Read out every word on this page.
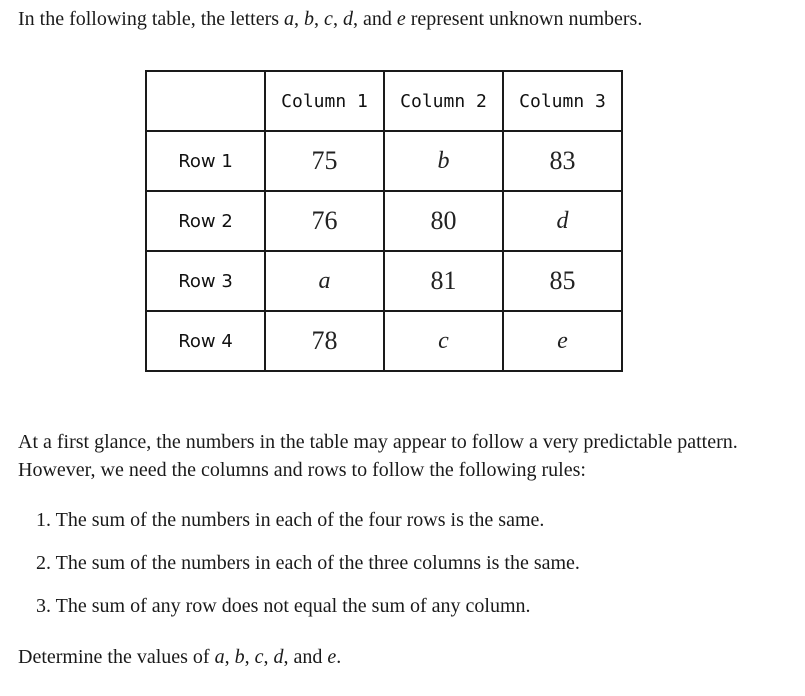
In the following table, the letters a, b, c, d, and e represent unknown numbers.
	Column 1	Column 2	Column 3
Row 1	75	b	83
Row 2	76	80	d
Row 3	a	81	85
Row 4	78	c	e
At a first glance, the numbers in the table may appear to follow a very predictable pattern. However, we need the columns and rows to follow the following rules:
1. The sum of the numbers in each of the four rows is the same.
2. The sum of the numbers in each of the three columns is the same.
3. The sum of any row does not equal the sum of any column.
Determine the values of a, b, c, d, and e.
